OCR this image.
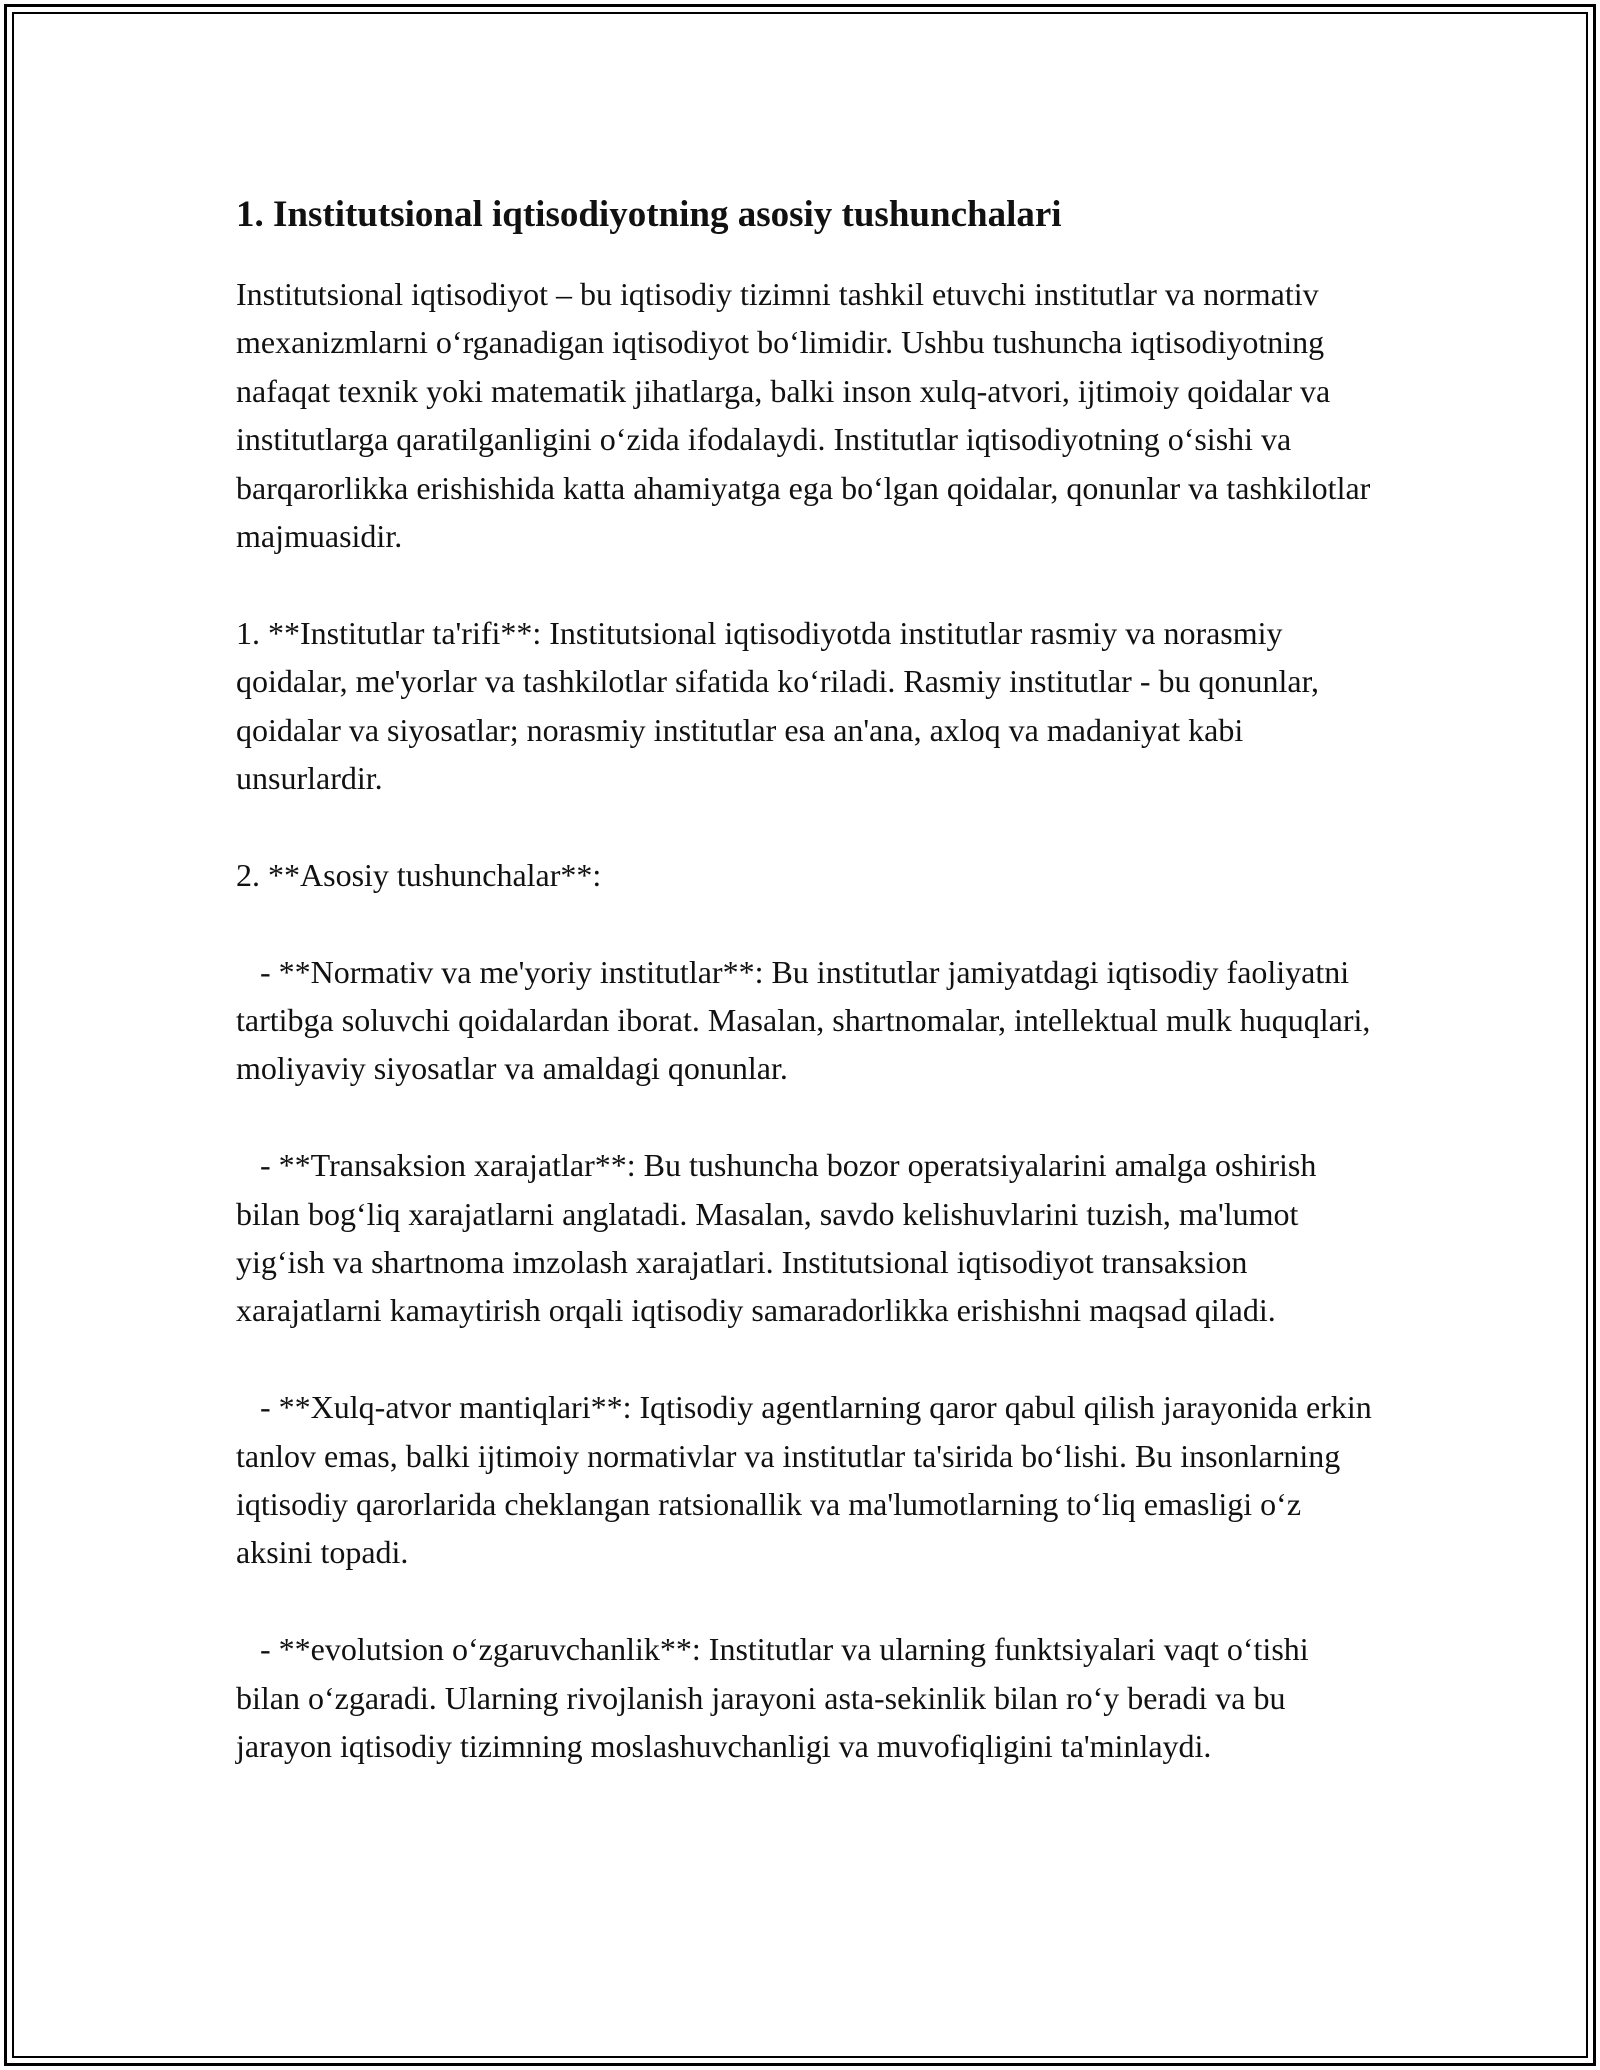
1. Institutsional iqtisodiyotning asosiy tushunchalari

Institutsional iqtisodiyot – bu iqtisodiy tizimni tashkil etuvchi institutlar va normativ mexanizmlarni o‘rganadigan iqtisodiyot bo‘limidir. Ushbu tushuncha iqtisodiyotning nafaqat texnik yoki matematik jihatlarga, balki inson xulq-atvori, ijtimoiy qoidalar va institutlarga qaratilganligini o‘zida ifodalaydi. Institutlar iqtisodiyotning o‘sishi va barqarorlikka erishishida katta ahamiyatga ega bo‘lgan qoidalar, qonunlar va tashkilotlar majmuasidir.

1. **Institutlar ta'rifi**: Institutsional iqtisodiyotda institutlar rasmiy va norasmiy qoidalar, me'yorlar va tashkilotlar sifatida ko‘riladi. Rasmiy institutlar - bu qonunlar, qoidalar va siyosatlar; norasmiy institutlar esa an'ana, axloq va madaniyat kabi unsurlardir.

2. **Asosiy tushunchalar**:

- **Normativ va me'yoriy institutlar**: Bu institutlar jamiyatdagi iqtisodiy faoliyatni tartibga soluvchi qoidalardan iborat. Masalan, shartnomalar, intellektual mulk huquqlari, moliyaviy siyosatlar va amaldagi qonunlar.

- **Transaksion xarajatlar**: Bu tushuncha bozor operatsiyalarini amalga oshirish bilan bog‘liq xarajatlarni anglatadi. Masalan, savdo kelishuvlarini tuzish, ma'lumot yig‘ish va shartnoma imzolash xarajatlari. Institutsional iqtisodiyot transaksion xarajatlarni kamaytirish orqali iqtisodiy samaradorlikka erishishni maqsad qiladi.

- **Xulq-atvor mantiqlari**: Iqtisodiy agentlarning qaror qabul qilish jarayonida erkin tanlov emas, balki ijtimoiy normativlar va institutlar ta'sirida bo‘lishi. Bu insonlarning iqtisodiy qarorlarida cheklangan ratsionallik va ma'lumotlarning to‘liq emasligi o‘z aksini topadi.

- **evolutsion o‘zgaruvchanlik**: Institutlar va ularning funktsiyalari vaqt o‘tishi bilan o‘zgaradi. Ularning rivojlanish jarayoni asta-sekinlik bilan ro‘y beradi va bu jarayon iqtisodiy tizimning moslashuvchanligi va muvofiqligini ta'minlaydi.
